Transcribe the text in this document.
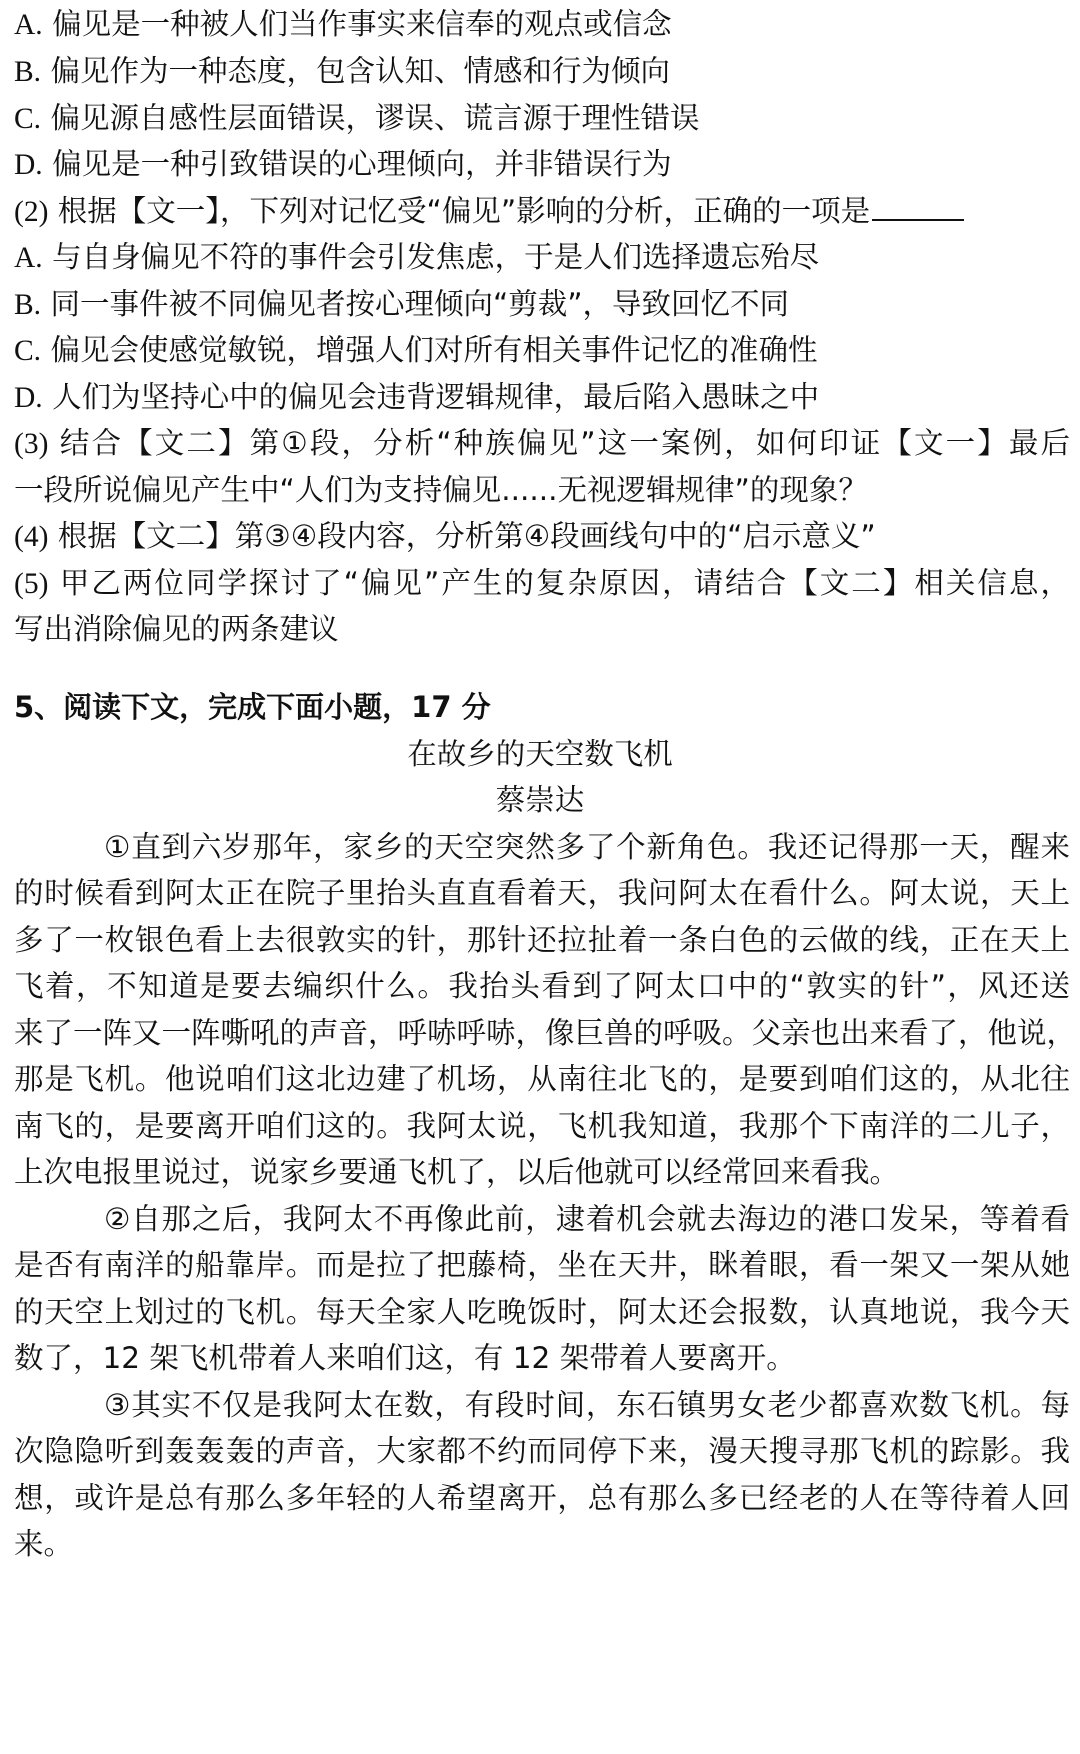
A. 偏见是一种被人们当作事实来信奉的观点或信念
B. 偏见作为一种态度，包含认知、情感和行为倾向
C. 偏见源自感性层面错误，谬误、谎言源于理性错误
D. 偏见是一种引致错误的心理倾向，并非错误行为
(2) 根据【文一】，下列对记忆受“偏见”影响的分析，正确的一项是
A. 与自身偏见不符的事件会引发焦虑，于是人们选择遗忘殆尽
B. 同一事件被不同偏见者按心理倾向“剪裁”，导致回忆不同
C. 偏见会使感觉敏锐，增强人们对所有相关事件记忆的准确性
D. 人们为坚持心中的偏见会违背逻辑规律，最后陷入愚昧之中
(3) 结合【文二】第①段，分析“种族偏见”这一案例，如何印证【文一】最后
一段所说偏见产生中“人们为支持偏见......无视逻辑规律”的现象？
(4) 根据【文二】第③④段内容，分析第④段画线句中的“启示意义”
(5) 甲乙两位同学探讨了“偏见”产生的复杂原因，请结合【文二】相关信息，
写出消除偏见的两条建议
5、阅读下文，完成下面小题，17 分
在故乡的天空数飞机
蔡崇达
①直到六岁那年，家乡的天空突然多了个新角色。我还记得那一天，醒来
的时候看到阿太正在院子里抬头直直看着天，我问阿太在看什么。阿太说，天上
多了一枚银色看上去很敦实的针，那针还拉扯着一条白色的云做的线，正在天上
飞着，不知道是要去编织什么。我抬头看到了阿太口中的“敦实的针”，风还送
来了一阵又一阵嘶吼的声音，呼哧呼哧，像巨兽的呼吸。父亲也出来看了，他说，
那是飞机。他说咱们这北边建了机场，从南往北飞的，是要到咱们这的，从北往
南飞的，是要离开咱们这的。我阿太说，飞机我知道，我那个下南洋的二儿子，
上次电报里说过，说家乡要通飞机了，以后他就可以经常回来看我。
②自那之后，我阿太不再像此前，逮着机会就去海边的港口发呆，等着看
是否有南洋的船靠岸。而是拉了把藤椅，坐在天井，眯着眼，看一架又一架从她
的天空上划过的飞机。每天全家人吃晚饭时，阿太还会报数，认真地说，我今天
数了，12 架飞机带着人来咱们这，有 12 架带着人要离开。
③其实不仅是我阿太在数，有段时间，东石镇男女老少都喜欢数飞机。每
次隐隐听到轰轰轰的声音，大家都不约而同停下来，漫天搜寻那飞机的踪影。我
想，或许是总有那么多年轻的人希望离开，总有那么多已经老的人在等待着人回
来。
